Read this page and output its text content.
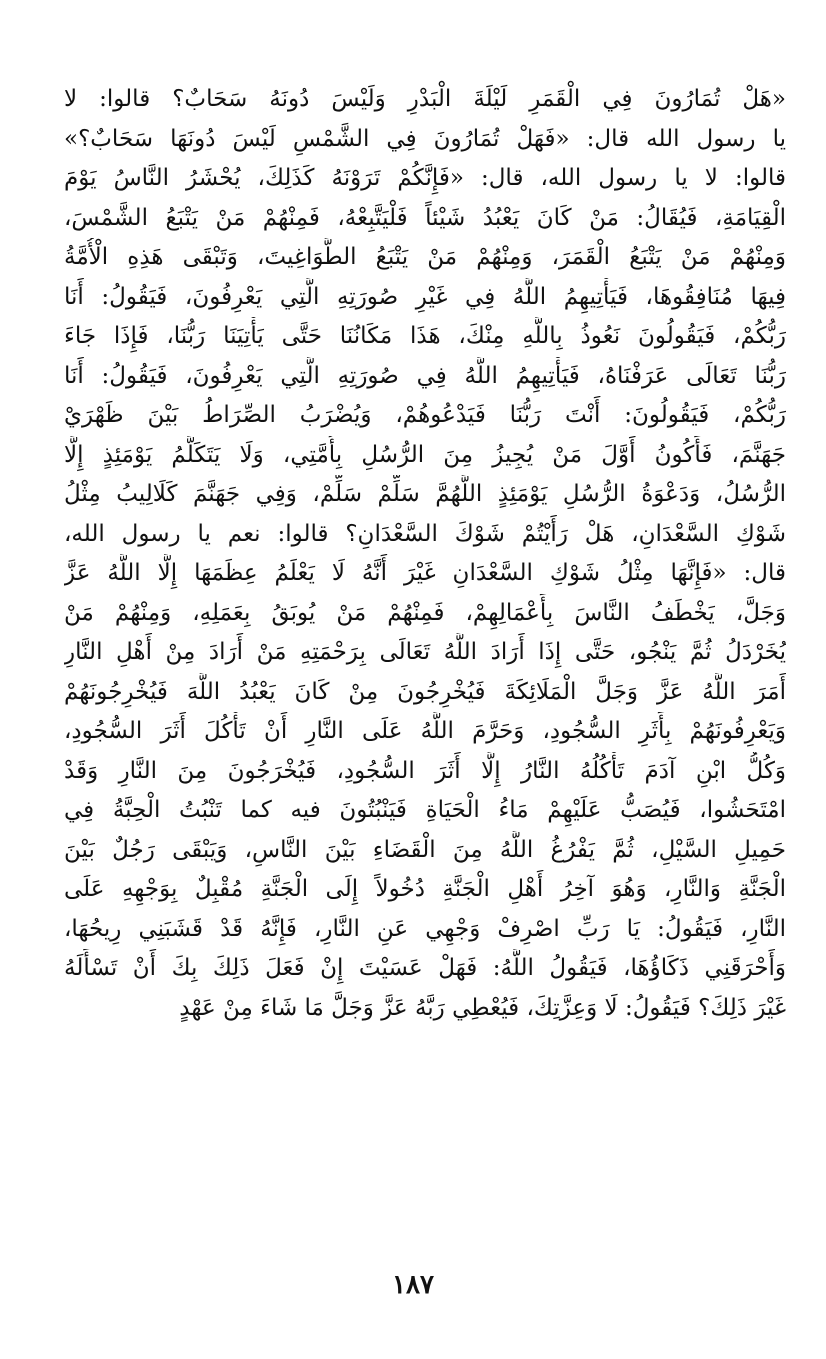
«هَلْ تُمَارُونَ فِي الْقَمَرِ لَيْلَةَ الْبَدْرِ وَلَيْسَ دُونَهُ سَحَابٌ؟ قالوا: لا
يا رسول الله قال: «فَهَلْ تُمَارُونَ فِي الشَّمْسِ لَيْسَ دُونَهَا سَحَابٌ؟»
قالوا: لا يا رسول الله، قال: «فَإِنَّكُمْ تَرَوْنَهُ كَذَلِكَ، يُحْشَرُ النَّاسُ يَوْمَ
الْقِيَامَةِ، فَيُقَالُ: مَنْ كَانَ يَعْبُدُ شَيْئاً فَلْيَتَّبِعْهُ، فَمِنْهُمْ مَنْ يَتْبَعُ الشَّمْسَ،
وَمِنْهُمْ مَنْ يَتْبَعُ الْقَمَرَ، وَمِنْهُمْ مَنْ يَتْبَعُ الطَّوَاغِيتَ، وَتَبْقَى هَذِهِ الْأُمَّةُ
فِيهَا مُنَافِقُوهَا، فَيَأْتِيهِمُ اللَّهُ فِي غَيْرِ صُورَتِهِ الَّتِي يَعْرِفُونَ، فَيَقُولُ: أَنَا
رَبُّكُمْ، فَيَقُولُونَ نَعُوذُ بِاللَّهِ مِنْكَ، هَذَا مَكَانُنَا حَتَّى يَأْتِيَنَا رَبُّنَا، فَإِذَا جَاءَ
رَبُّنَا تَعَالَى عَرَفْنَاهُ، فَيَأْتِيهِمُ اللَّهُ فِي صُورَتِهِ الَّتِي يَعْرِفُونَ، فَيَقُولُ: أَنَا
رَبُّكُمْ، فَيَقُولُونَ: أَنْتَ رَبُّنَا فَيَدْعُوهُمْ، وَيُضْرَبُ الصِّرَاطُ بَيْنَ ظَهْرَيْ
جَهَنَّمَ، فَأَكُونُ أَوَّلَ مَنْ يُجِيزُ مِنَ الرُّسُلِ بِأُمَّتِي، وَلَا يَتَكَلَّمُ يَوْمَئِذٍ إِلَّا
الرُّسُلُ، وَدَعْوَةُ الرُّسُلِ يَوْمَئِذٍ اللَّهُمَّ سَلِّمْ سَلِّمْ، وَفِي جَهَنَّمَ كَلَالِيبُ مِثْلُ
شَوْكِ السَّعْدَانِ، هَلْ رَأَيْتُمْ شَوْكَ السَّعْدَانِ؟ قالوا: نعم يا رسول الله،
قال: «فَإِنَّهَا مِثْلُ شَوْكِ السَّعْدَانِ غَيْرَ أَنَّهُ لَا يَعْلَمُ عِظَمَهَا إِلَّا اللَّهُ عَزَّ
وَجَلَّ، يَخْطَفُ النَّاسَ بِأَعْمَالِهِمْ، فَمِنْهُمْ مَنْ يُوبَقُ بِعَمَلِهِ، وَمِنْهُمْ مَنْ
يُخَرْدَلُ ثُمَّ يَنْجُو، حَتَّى إِذَا أَرَادَ اللَّهُ تَعَالَى بِرَحْمَتِهِ مَنْ أَرَادَ مِنْ أَهْلِ النَّارِ
أَمَرَ اللَّهُ عَزَّ وَجَلَّ الْمَلَائِكَةَ فَيُخْرِجُونَ مِنْ كَانَ يَعْبُدُ اللَّهَ فَيُخْرِجُونَهُمْ
وَيَعْرِفُونَهُمْ بِأَثَرِ السُّجُودِ، وَحَرَّمَ اللَّهُ عَلَى النَّارِ أَنْ تَأْكُلَ أَثَرَ السُّجُودِ،
وَكُلُّ ابْنِ آدَمَ تَأْكُلُهُ النَّارُ إِلَّا أَثَرَ السُّجُودِ، فَيُخْرَجُونَ مِنَ النَّارِ وَقَدْ
امْتَحَشُوا، فَيُصَبُّ عَلَيْهِمْ مَاءُ الْحَيَاةِ فَيَنْبُتُونَ فيه كما تَنْبُتُ الْحِبَّةُ فِي
حَمِيلِ السَّيْلِ، ثُمَّ يَفْرُغُ اللَّهُ مِنَ الْقَضَاءِ بَيْنَ النَّاسِ، وَيَبْقَى رَجُلٌ بَيْنَ
الْجَنَّةِ وَالنَّارِ، وَهُوَ آخِرُ أَهْلِ الْجَنَّةِ دُخُولاً إِلَى الْجَنَّةِ مُقْبِلٌ بِوَجْهِهِ عَلَى
النَّارِ، فَيَقُولُ: يَا رَبِّ اصْرِفْ وَجْهِي عَنِ النَّارِ، فَإِنَّهُ قَدْ قَشَبَنِي رِيحُهَا،
وَأَحْرَقَنِي ذَكَاؤُهَا، فَيَقُولُ اللَّهُ: فَهَلْ عَسَيْتَ إِنْ فَعَلَ ذَلِكَ بِكَ أَنْ تَسْأَلَهُ
غَيْرَ ذَلِكَ؟ فَيَقُولُ: لَا وَعِزَّتِكَ، فَيُعْطِي رَبَّهُ عَزَّ وَجَلَّ مَا شَاءَ مِنْ عَهْدٍ
١٨٧
